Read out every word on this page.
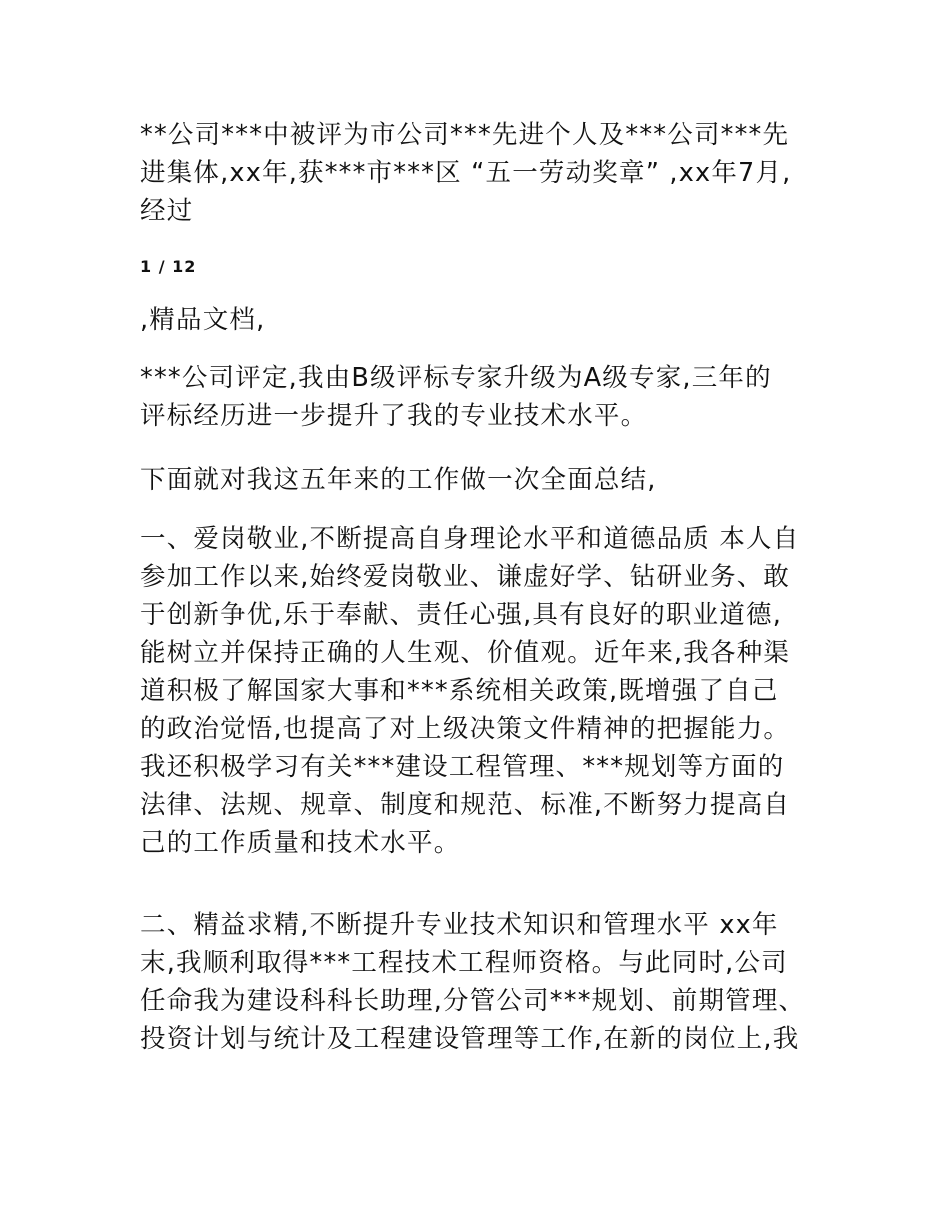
**公司***中被评为市公司***先进个人及***公司***先
进集体,xx年,获***市***区 “五一劳动奖章” ,xx年7月,
经过
1 / 12
,精品文档,
***公司评定,我由B级评标专家升级为A级专家,三年的
评标经历进一步提升了我的专业技术水平。
下面就对我这五年来的工作做一次全面总结,
一、爱岗敬业,不断提高自身理论水平和道德品质 本人自
参加工作以来,始终爱岗敬业、谦虚好学、钻研业务、敢
于创新争优,乐于奉献、责任心强,具有良好的职业道德,
能树立并保持正确的人生观、价值观。近年来,我各种渠
道积极了解国家大事和***系统相关政策,既增强了自己
的政治觉悟,也提高了对上级决策文件精神的把握能力。
我还积极学习有关***建设工程管理、***规划等方面的
法律、法规、规章、制度和规范、标准,不断努力提高自
己的工作质量和技术水平。
二、精益求精,不断提升专业技术知识和管理水平 xx年
末,我顺利取得***工程技术工程师资格。与此同时,公司
任命我为建设科科长助理,分管公司***规划、前期管理、
投资计划与统计及工程建设管理等工作,在新的岗位上,我
